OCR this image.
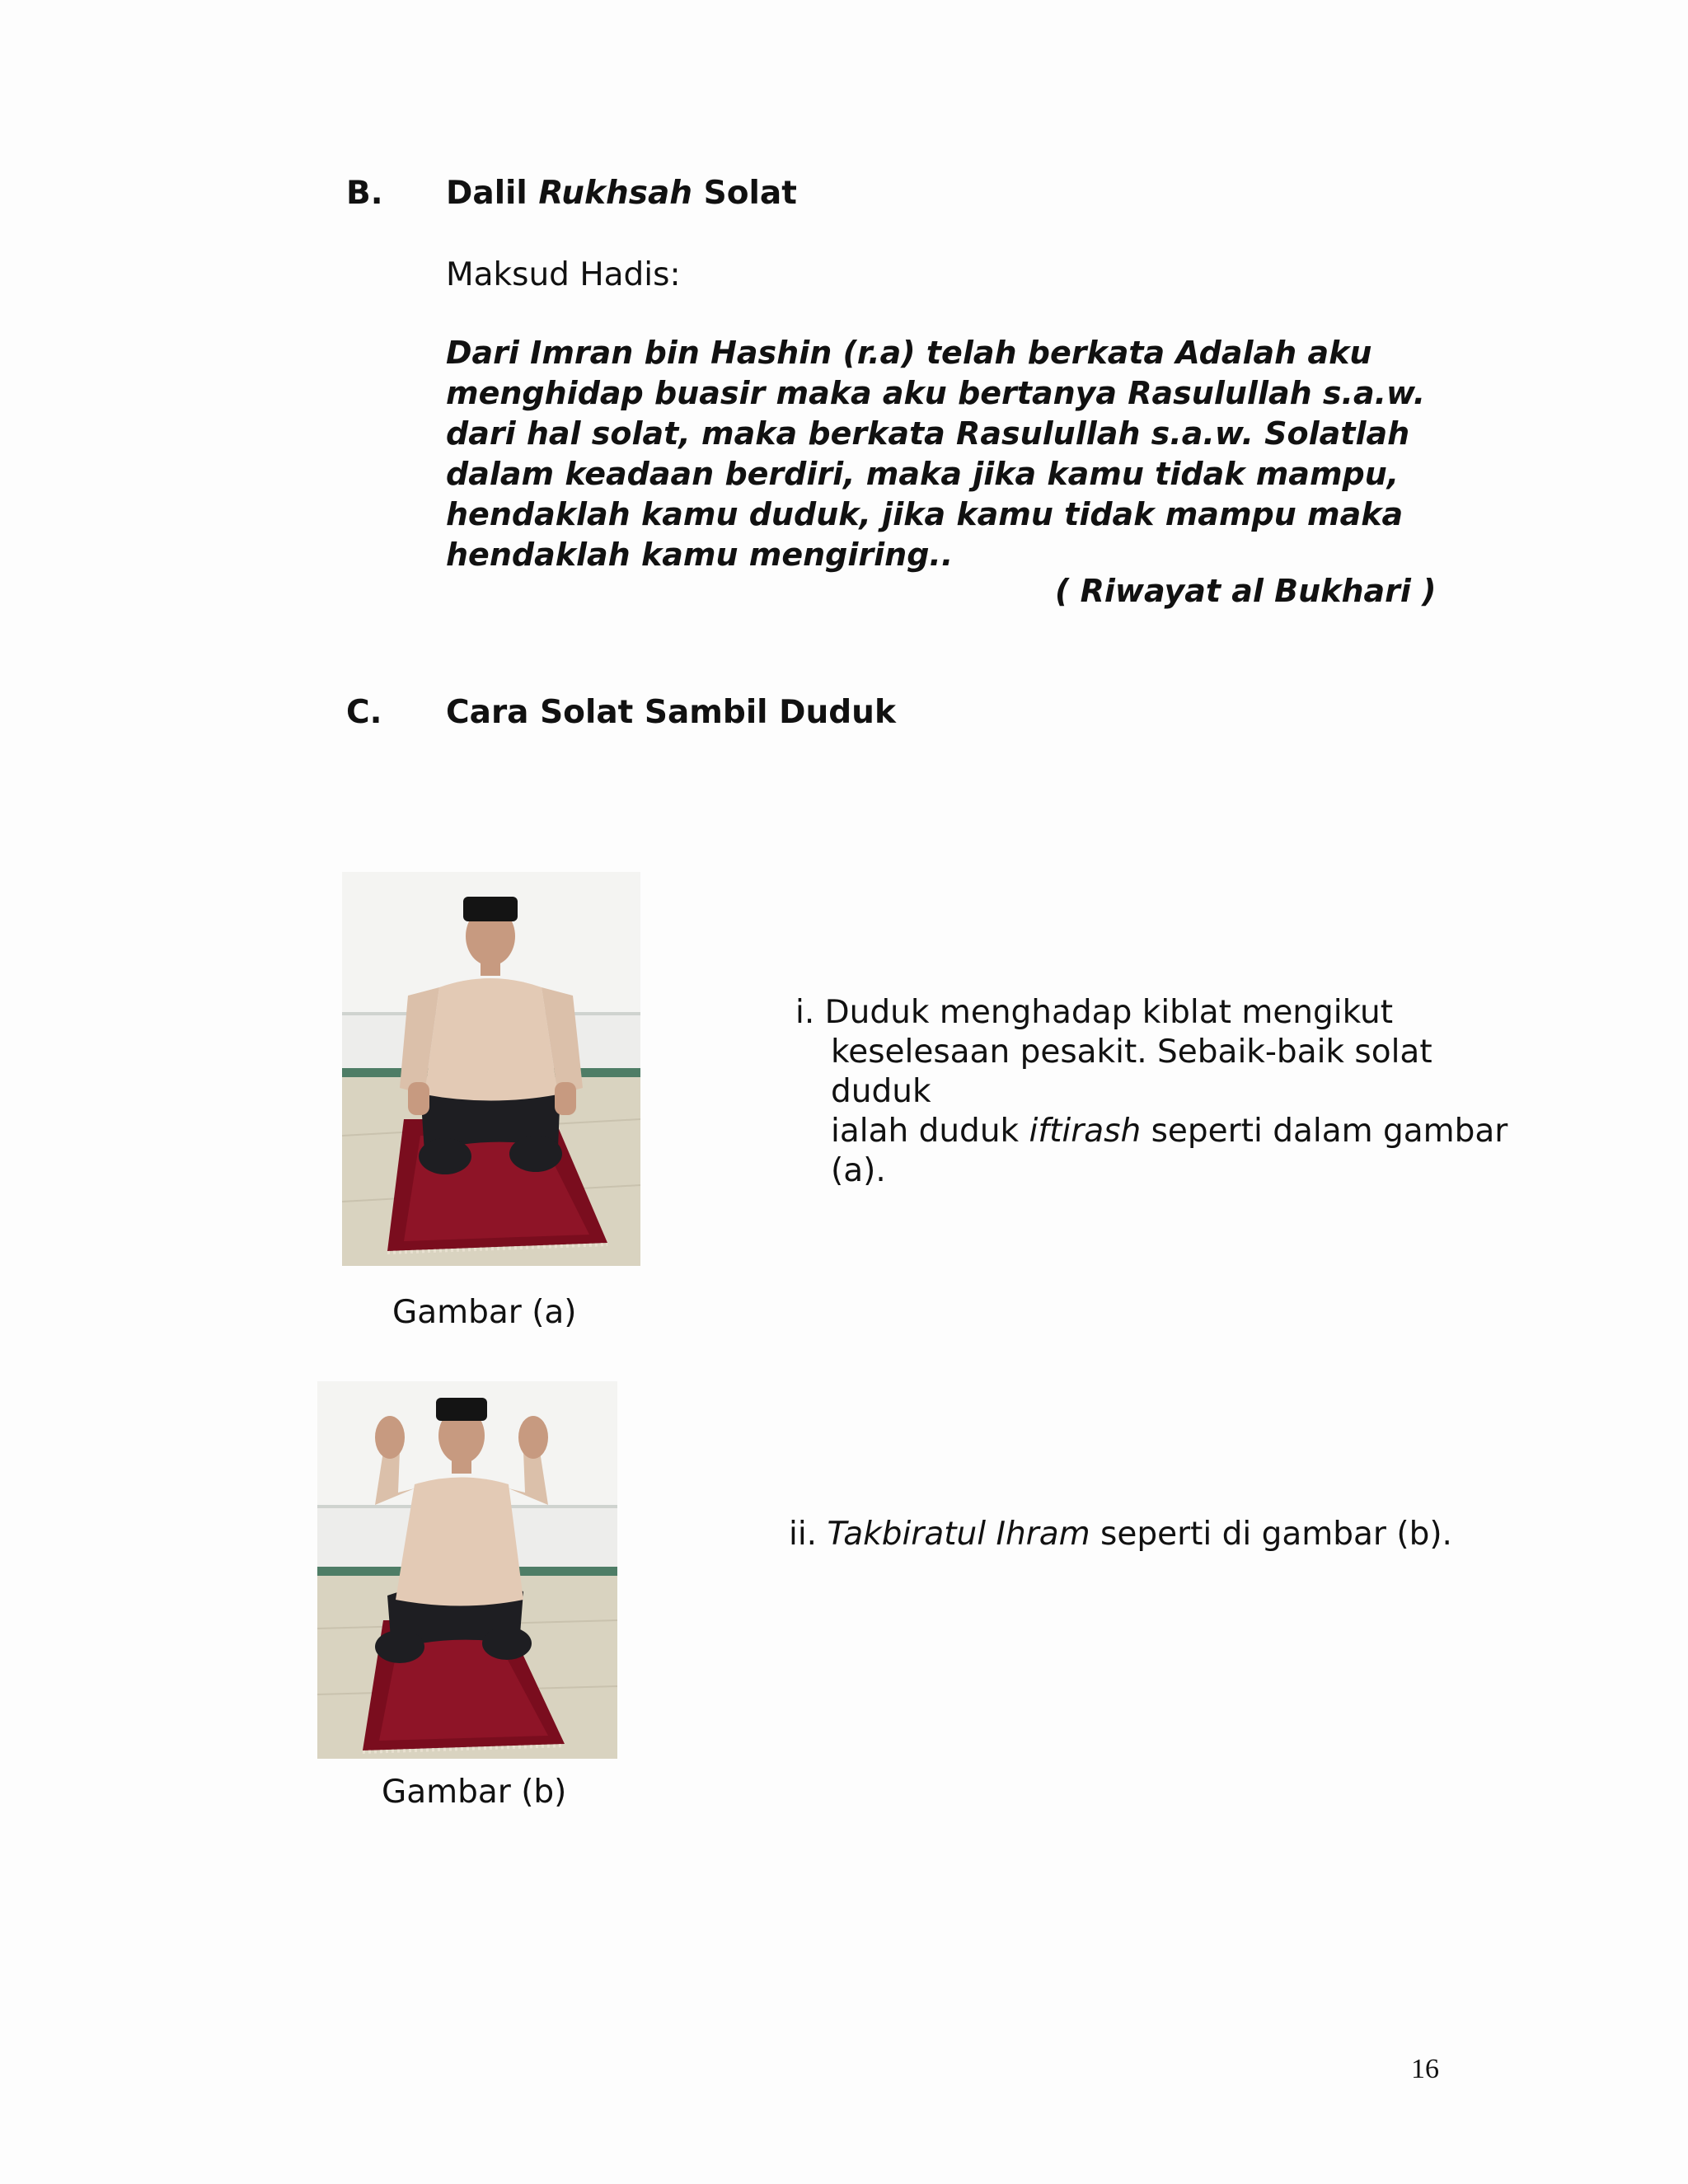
B. Dalil Rukhsah Solat
Maksud Hadis:
Dari Imran bin Hashin (r.a) telah berkata Adalah aku
menghidap buasir maka aku bertanya Rasulullah s.a.w.
dari hal solat, maka berkata Rasulullah s.a.w. Solatlah
dalam keadaan berdiri, maka jika kamu tidak mampu,
hendaklah kamu duduk, jika kamu tidak mampu maka
hendaklah kamu mengiring..
( Riwayat al Bukhari )
C. Cara Solat Sambil Duduk
Gambar (a)
i. Duduk menghadap kiblat mengikut
keselesaan pesakit. Sebaik-baik solat duduk
ialah duduk iftirash seperti dalam gambar (a).
Gambar (b)
ii. Takbiratul Ihram seperti di gambar (b).
16
